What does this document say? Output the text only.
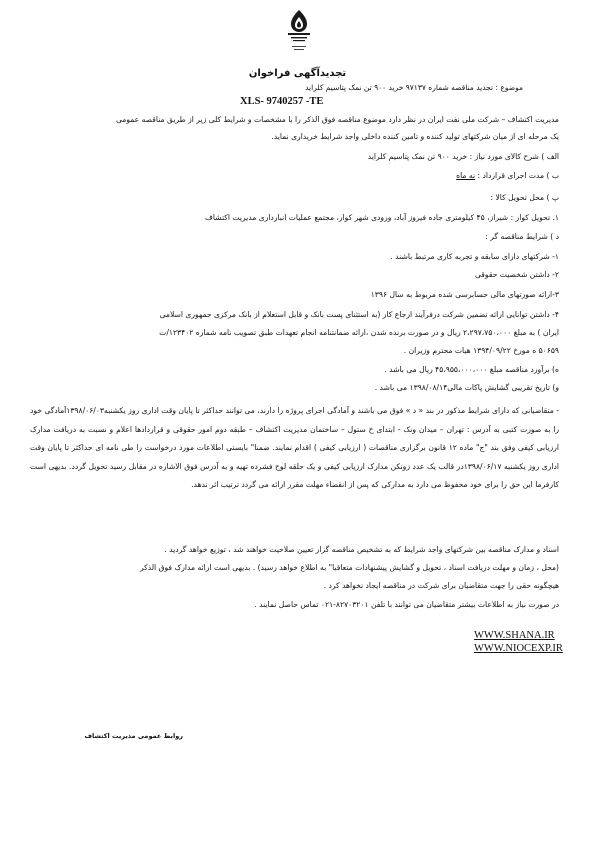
تجدیدآگهی فراخوان
موضوع : تجدید مناقصه شماره ۹۷۱۳۷ خرید ۹۰۰ تن نمک پتاسیم کلراید
XLS- 9740257 -TE
مدیریت اکتشاف – شرکت ملی نفت ایران در نظر دارد موضوع مناقصه فوق الذکر را با مشخصات و شرایط کلی زیر از طریق مناقصه عمومی
یک مرحله ای از میان شرکتهای تولید کننده و تامین کننده داخلی واجد شرایط خریداری نماید.
الف ) شرح کالای مورد نیاز : خرید ۹۰۰ تن نمک پتاسیم کلراید
ب ) مدت اجرای قرارداد : نه ماه
پ ) محل تحویل کالا :
۱. تحویل کوار : شیراز، ۴۵ کیلومتری جاده فیروز آباد، ورودی شهر کوار، مجتمع عملیات انبارداری مدیریت اکتشاف
د ) شرایط مناقصه گر :
۱- شرکتهای دارای سابقه و تجربه کاری مرتبط باشند .
۲- داشتن شخصیت حقوقی
۳-ارائه صورتهای مالی حسابرسی شده مربوط به سال ۱۳۹۶
۴- داشتن توانایی ارائه تضمین شرکت درفرآیند ارجاع کار (به استثنای پست بانک و قابل استعلام از بانک مرکزی جمهوری اسلامی
ایران ) به مبلغ ۲،۲۹۷،۷۵۰،۰۰۰ ریال و در صورت برنده شدن ،ارائه ضمانتنامه انجام تعهدات طبق تصویب نامه شماره ۱۲۳۴۰۲/ت
۵۰۶۵۹ ه مورخ ۱۳۹۴/۰۹/۲۲ هیات محترم وزیران .
ه) برآورد مناقصه مبلغ ۴۵،۹۵۵،۰۰۰،۰۰۰ ریال می باشد .
و) تاریخ تقریبی گشایش پاکات مالی۱۳۹۸/۰۸/۱۴ می باشد .
- متقاضیانی که دارای شرایط مذکور در بند « د » فوق می باشند و آمادگی اجرای پروژه را دارند، می توانند حداکثر تا پایان وقت اداری روز یکشنبه۱۳۹۸/۰۶/۰۳آمادگی خود را به صورت کتبی به آدرس : تهران – میدان ونک - ابتدای خ ستول – ساختمان مدیریت اکتشاف – طبقه دوم امور حقوقی و قراردادها اعلام و نسبت به دریافت مدارک ارزیابی کیفی وفق بند "ج" ماده ۱۲ قانون برگزاری مناقصات ( ارزیابی کیفی ) اقدام نمایند. ضمنا" بایستی اطلاعات مورد درخواست را طی نامه ای حداکثر تا پایان وقت اداری روز یکشنبه ۱۳۹۸/۰۶/۱۷در قالب یک عدد زونکن مدارک ارزیابی کیفی و یک حلقه لوح فشرده تهیه و به آدرس فوق الاشاره در مقابل رسید تحویل گردد. بدیهی است کارفرما این حق را برای خود محفوظ می دارد به مدارکی که پس از انقضاء مهلت مقرر ارائه می گردد ترتیب اثر ندهد.
اسناد و مدارک مناقصه بین شرکتهای واجد شرایط که به تشخیص مناقصه گزار تعیین صلاحیت خواهند شد ، توزیع خواهد گردید .
(محل ، زمان و مهلت دریافت اسناد ، تحویل و گشایش پیشنهادات متعاقبا" به اطلاع خواهد رسید) . بدیهی است ارائه مدارک فوق الذکر
هیچگونه حقی را جهت متقاضیان برای شرکت در مناقصه ایجاد نخواهد کرد .
در صورت نیاز به اطلاعات بیشتر متقاضیان می توانند با تلفن ۸۲۷۰۳۲۰۱-۰۲۱ تماس حاصل نمایند .
WWW.SHANA.IR
WWW.NIOCEXP.IR
روابط عمومی مدیریت اکتشاف
